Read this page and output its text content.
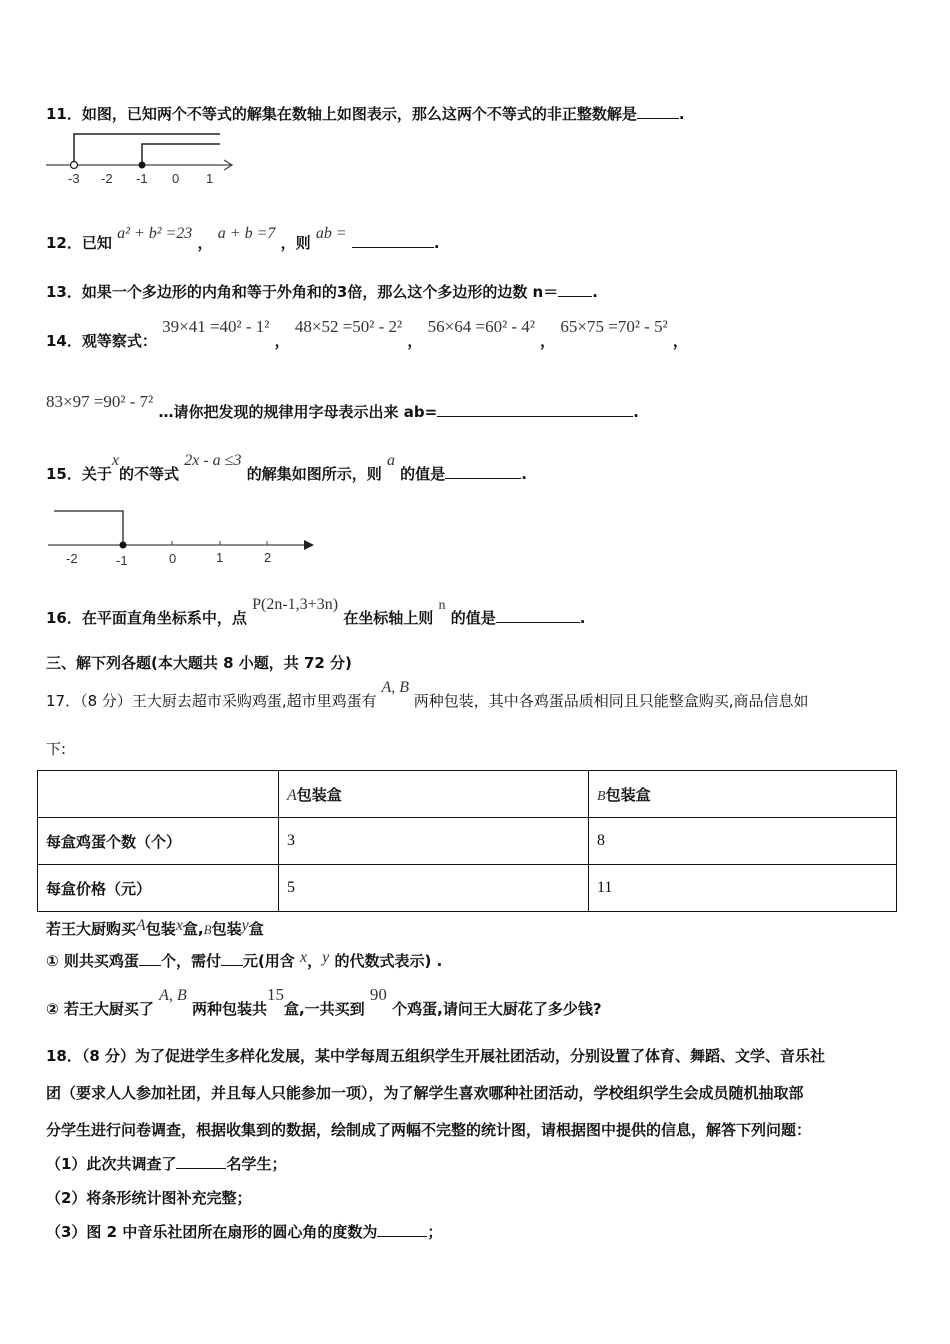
11．如图，已知两个不等式的解集在数轴上如图表示，那么这两个不等式的非正整数解是	.
-3 -2 -1 0 1
12．已知 a² + b² =23 ， a + b =7 ，则 ab = .
13．如果一个多边形的内角和等于外角和的3倍，那么这个多边形的边数 n＝ .
14．观等察式： 39×41 =40² - 1² ， 48×52 =50² - 2² ， 56×64 =60² - 4² ， 65×75 =70² - 5² ，
83×97 =90² - 7² …请你把发现的规律用字母表示出来 ab=	.
15．关于x的不等式 2x - a ≤3 的解集如图所示，则 a 的值是	.
-2	-1	0	1	2
16．在平面直角坐标系中，点 P(2n-1,3+3n) 在坐标轴上则 n 的值是	.
三、解下列各题(本大题共 8 小题，共 72 分)
17．（8 分）王大厨去超市采购鸡蛋,超市里鸡蛋有 A, B 两种包装，其中各鸡蛋品质相同且只能整盒购买,商品信息如
下:
	A包装盒	B包装盒
每盒鸡蛋个数（个）	3	8
每盒价格（元）	5	11
若王大厨购买A包装x盒,B包装y盒
① 则共买鸡蛋 个，需付 元(用含 x，y 的代数式表示) .
② 若王大厨买了 A, B 两种包装共15盒,一共买到 90 个鸡蛋,请问王大厨花了多少钱?
18．（8 分）为了促进学生多样化发展，某中学每周五组织学生开展社团活动，分别设置了体育、舞蹈、文学、音乐社
团（要求人人参加社团，并且每人只能参加一项），为了解学生喜欢哪种社团活动，学校组织学生会成员随机抽取部
分学生进行问卷调查，根据收集到的数据，绘制成了两幅不完整的统计图，请根据图中提供的信息，解答下列问题：
（1）此次共调查了	名学生；
（2）将条形统计图补充完整；
（3）图 2 中音乐社团所在扇形的圆心角的度数为	；
